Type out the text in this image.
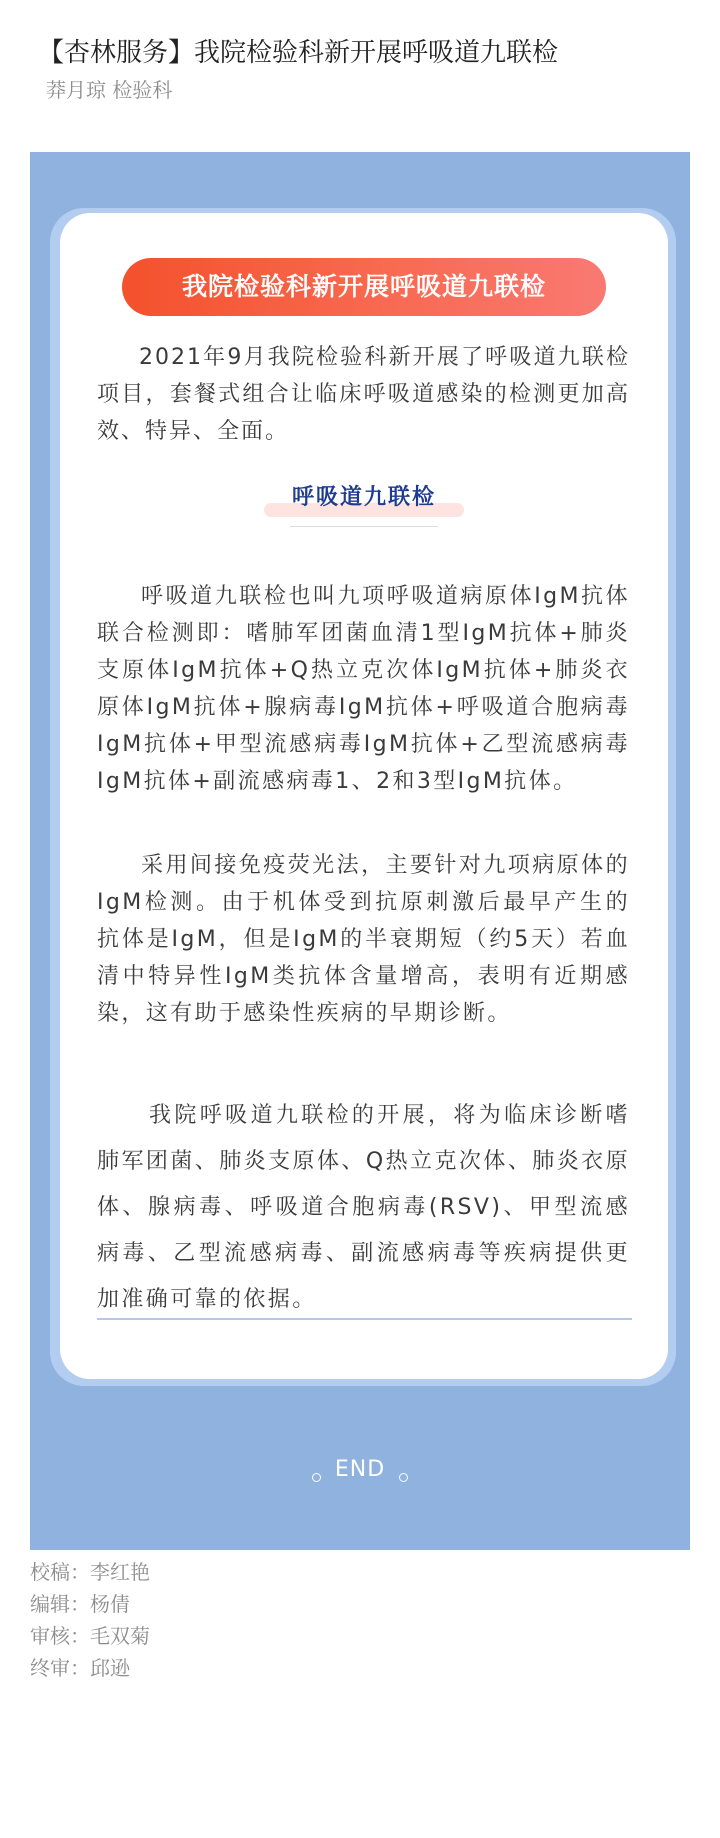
【杏林服务】我院检验科新开展呼吸道九联检
莽月琼 检验科
我院检验科新开展呼吸道九联检

2021年9月我院检验科新开展了呼吸道九联检项目，套餐式组合让临床呼吸道感染的检测更加高效、特异、全面。

呼吸道九联检

呼吸道九联检也叫九项呼吸道病原体IgM抗体联合检测即：嗜肺军团菌血清1型IgM抗体+肺炎支原体IgM抗体+Q热立克次体IgM抗体+肺炎衣原体IgM抗体+腺病毒IgM抗体+呼吸道合胞病毒IgM抗体+甲型流感病毒IgM抗体+乙型流感病毒IgM抗体+副流感病毒1、2和3型IgM抗体。

采用间接免疫荧光法，主要针对九项病原体的IgM检测。由于机体受到抗原刺激后最早产生的抗体是IgM，但是IgM的半衰期短（约5天）若血清中特异性IgM类抗体含量增高，表明有近期感染，这有助于感染性疾病的早期诊断。

我院呼吸道九联检的开展，将为临床诊断嗜肺军团菌、肺炎支原体、Q热立克次体、肺炎衣原体、腺病毒、呼吸道合胞病毒(RSV)、甲型流感病毒、乙型流感病毒、副流感病毒等疾病提供更加准确可靠的依据。

END
校稿：李红艳
编辑：杨倩
审核：毛双菊
终审：邱逊
